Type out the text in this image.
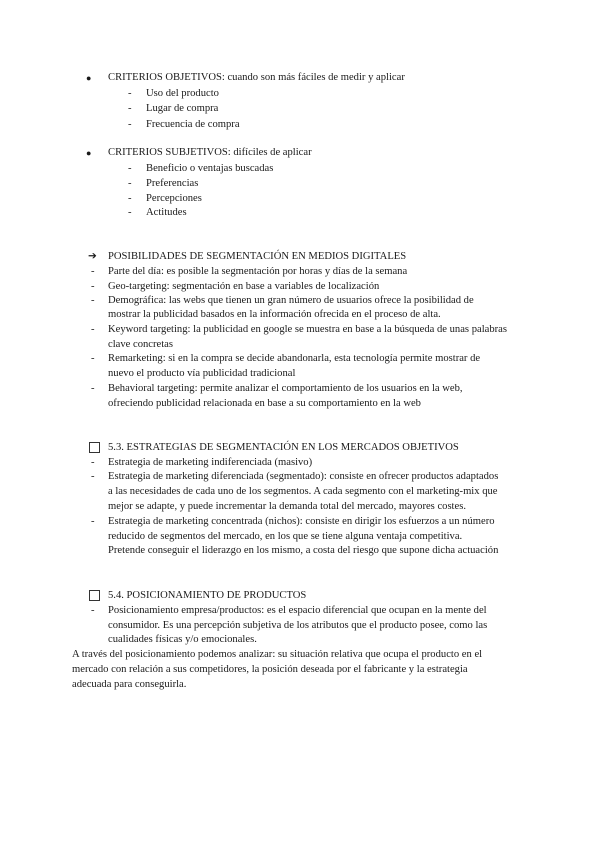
● CRITERIOS OBJETIVOS: cuando son más fáciles de medir y aplicar
- Uso del producto
- Lugar de compra
- Frecuencia de compra
● CRITERIOS SUBJETIVOS: difíciles de aplicar
- Beneficio o ventajas buscadas
- Preferencias
- Percepciones
- Actitudes
➔ POSIBILIDADES DE SEGMENTACIÓN EN MEDIOS DIGITALES
- Parte del día: es posible la segmentación por horas y días de la semana
- Geo-targeting: segmentación en base a variables de localización
- Demográfica: las webs que tienen un gran número de usuarios ofrece la posibilidad de
mostrar la publicidad basados en la información ofrecida en el proceso de alta.
- Keyword targeting: la publicidad en google se muestra en base a la búsqueda de unas palabras
clave concretas
- Remarketing: si en la compra se decide abandonarla, esta tecnología permite mostrar de
nuevo el producto vía publicidad tradicional
- Behavioral targeting: permite analizar el comportamiento de los usuarios en la web,
ofreciendo publicidad relacionada en base a su comportamiento en la web
5.3. ESTRATEGIAS DE SEGMENTACIÓN EN LOS MERCADOS OBJETIVOS
- Estrategia de marketing indiferenciada (masivo)
- Estrategia de marketing diferenciada (segmentado): consiste en ofrecer productos adaptados
a las necesidades de cada uno de los segmentos. A cada segmento con el marketing-mix que
mejor se adapte, y puede incrementar la demanda total del mercado, mayores costes.
- Estrategia de marketing concentrada (nichos): consiste en dirigir los esfuerzos a un número
reducido de segmentos del mercado, en los que se tiene alguna ventaja competitiva.
Pretende conseguir el liderazgo en los mismo, a costa del riesgo que supone dicha actuación
5.4. POSICIONAMIENTO DE PRODUCTOS
- Posicionamiento empresa/productos: es el espacio diferencial que ocupan en la mente del
consumidor. Es una percepción subjetiva de los atributos que el producto posee, como las
cualidades físicas y/o emocionales.
A través del posicionamiento podemos analizar: su situación relativa que ocupa el producto en el
mercado con relación a sus competidores, la posición deseada por el fabricante y la estrategia
adecuada para conseguirla.
